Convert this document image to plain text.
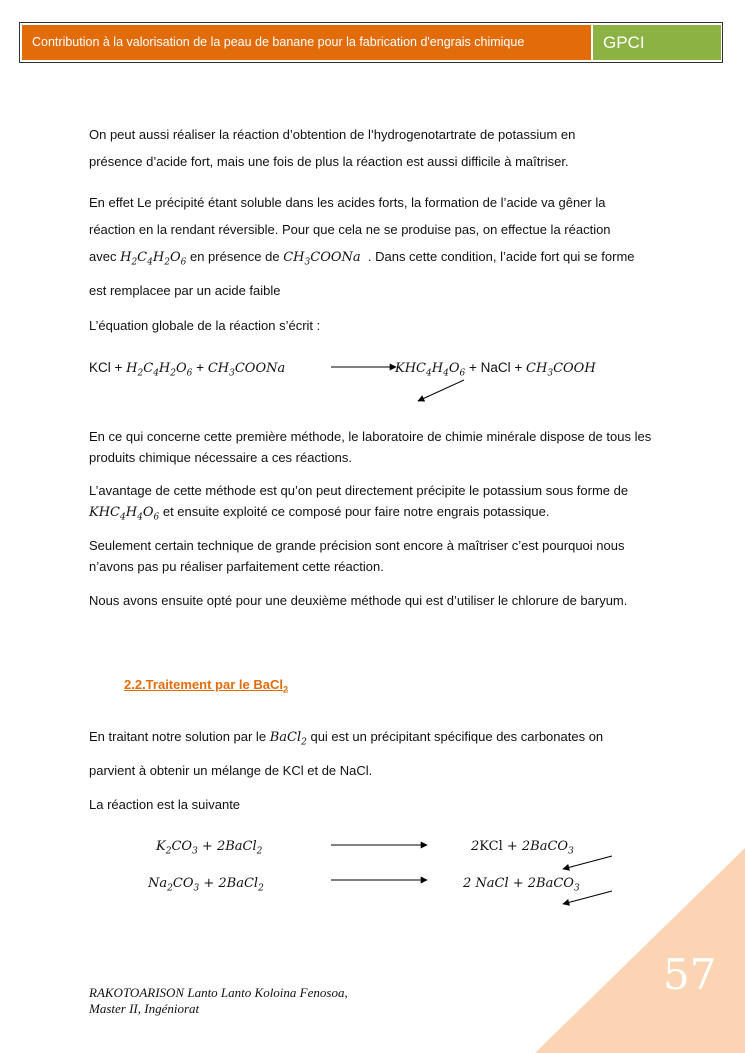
Contribution à la valorisation de la peau de banane pour la fabrication d'engrais chimique	GPCI

On peut aussi réaliser la réaction d’obtention de l’hydrogenotartrate de potassium en
présence d’acide fort, mais une fois de plus la réaction est aussi difficile à maîtriser.

En effet Le précipité étant soluble dans les acides forts, la formation de l’acide va gêner la
réaction en la rendant réversible. Pour que cela ne se produise pas, on effectue la réaction
avec $H_2C_4H_2O_6$ en présence de $CH_3COONa$ . Dans cette condition, l’acide fort qui se forme
est remplacee par un acide faible

L’équation globale de la réaction s’écrit :

KCl + $H_2C_4H_2O_6$ + $CH_3COONa$	$KHC_4H_4O_6$ + NaCl + $CH_3COOH$

En ce qui concerne cette première méthode, le laboratoire de chimie minérale dispose de tous les produits chimique nécessaire a ces réactions.

L’avantage de cette méthode est qu’on peut directement précipite le potassium sous forme de $KHC_4H_4O_6$ et ensuite exploité ce composé pour faire notre engrais potassique.

Seulement certain technique de grande précision sont encore à maîtriser c’est pourquoi nous n’avons pas pu réaliser parfaitement cette réaction.

Nous avons ensuite opté pour une deuxième méthode qui est d’utiliser le chlorure de baryum.

2.2.Traitement par le BaCl$_2$

En traitant notre solution par le BaCl$_2$ qui est un précipitant spécifique des carbonates on
parvient à obtenir un mélange de KCl et de NaCl.

La réaction est la suivante

$K_2CO_3$ + 2BaCl$_2$	2KCl + 2BaCO$_3$
$Na_2CO_3$ + 2BaCl$_2$	2 NaCl + 2BaCO$_3$
57
RAKOTOARISON Lanto Lanto Koloina Fenosoa,
Master II, Ingéniorat
